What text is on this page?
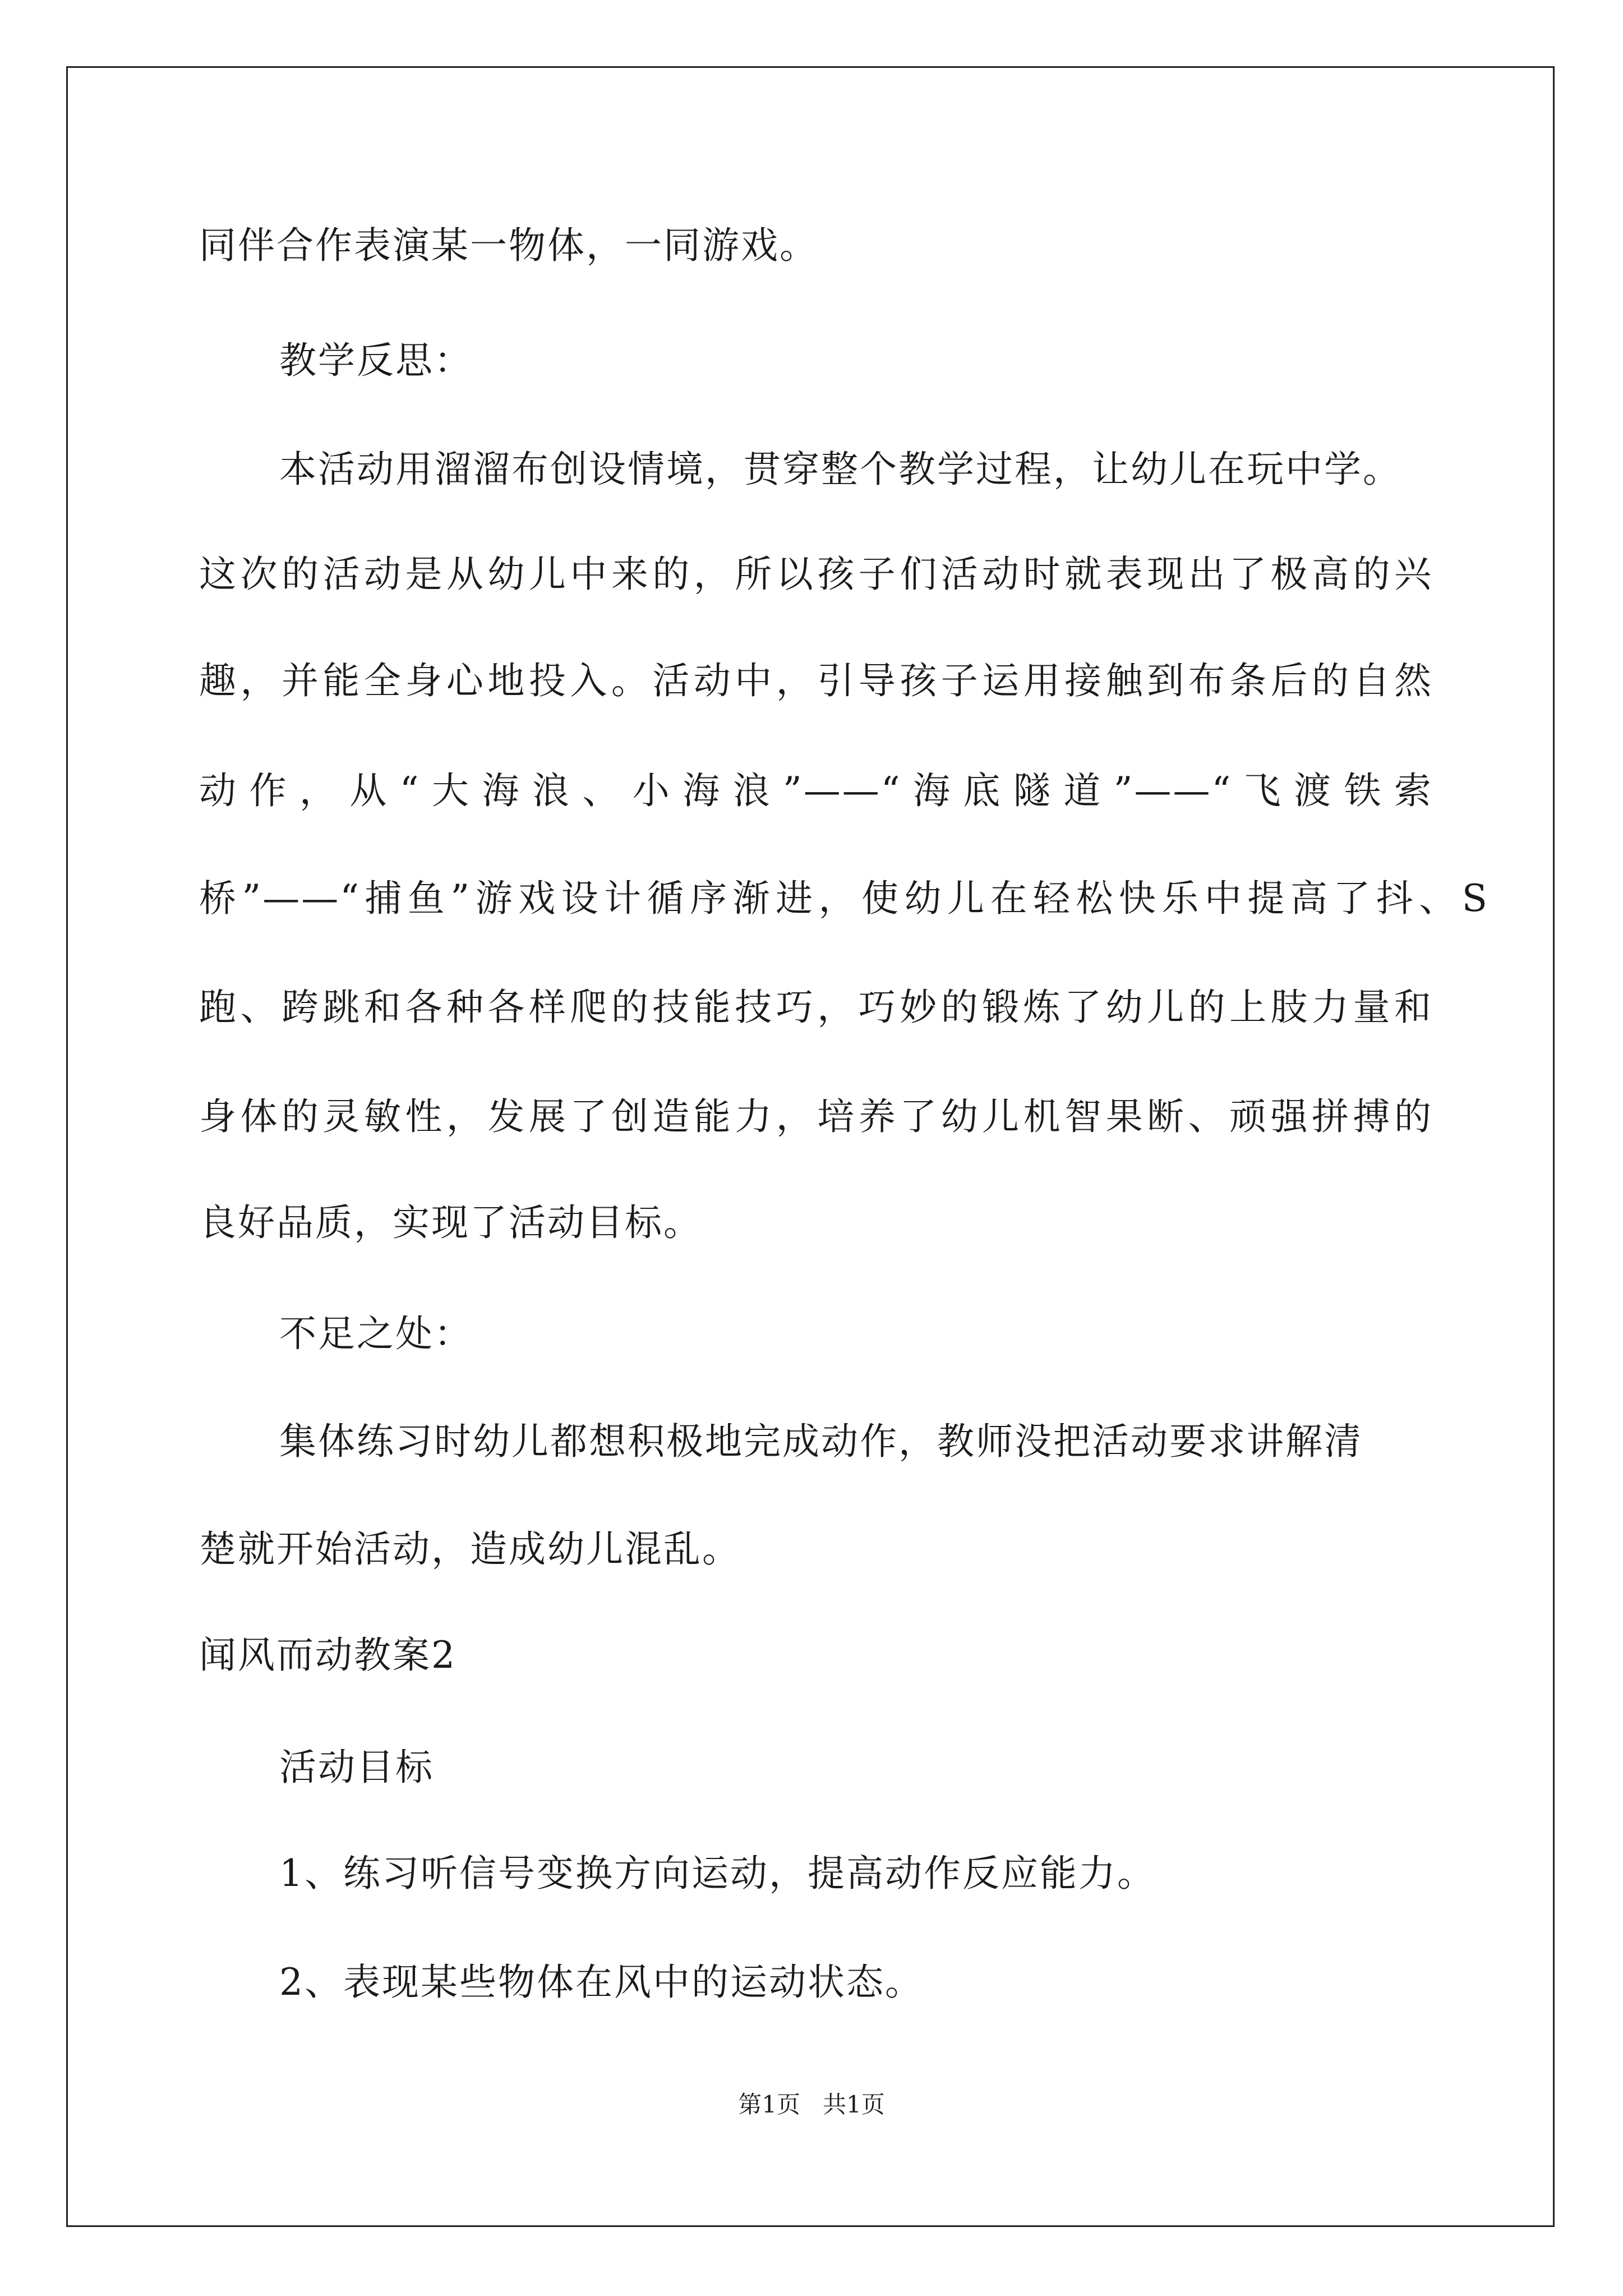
同伴合作表演某一物体，一同游戏。
教学反思：
本活动用溜溜布创设情境，贯穿整个教学过程，让幼儿在玩中学。
这次的活动是从幼儿中来的，所以孩子们活动时就表现出了极高的兴
趣，并能全身心地投入。活动中，引导孩子运用接触到布条后的自然
动作，从“大海浪、小海浪”——“海底隧道”——“飞渡铁索
桥”——“捕鱼”游戏设计循序渐进，使幼儿在轻松快乐中提高了抖、S
跑、跨跳和各种各样爬的技能技巧，巧妙的锻炼了幼儿的上肢力量和
身体的灵敏性，发展了创造能力，培养了幼儿机智果断、顽强拼搏的
良好品质，实现了活动目标。
不足之处：
集体练习时幼儿都想积极地完成动作，教师没把活动要求讲解清
楚就开始活动，造成幼儿混乱。
闻风而动教案2
活动目标
1、练习听信号变换方向运动，提高动作反应能力。
2、表现某些物体在风中的运动状态。
第1页   共1页
